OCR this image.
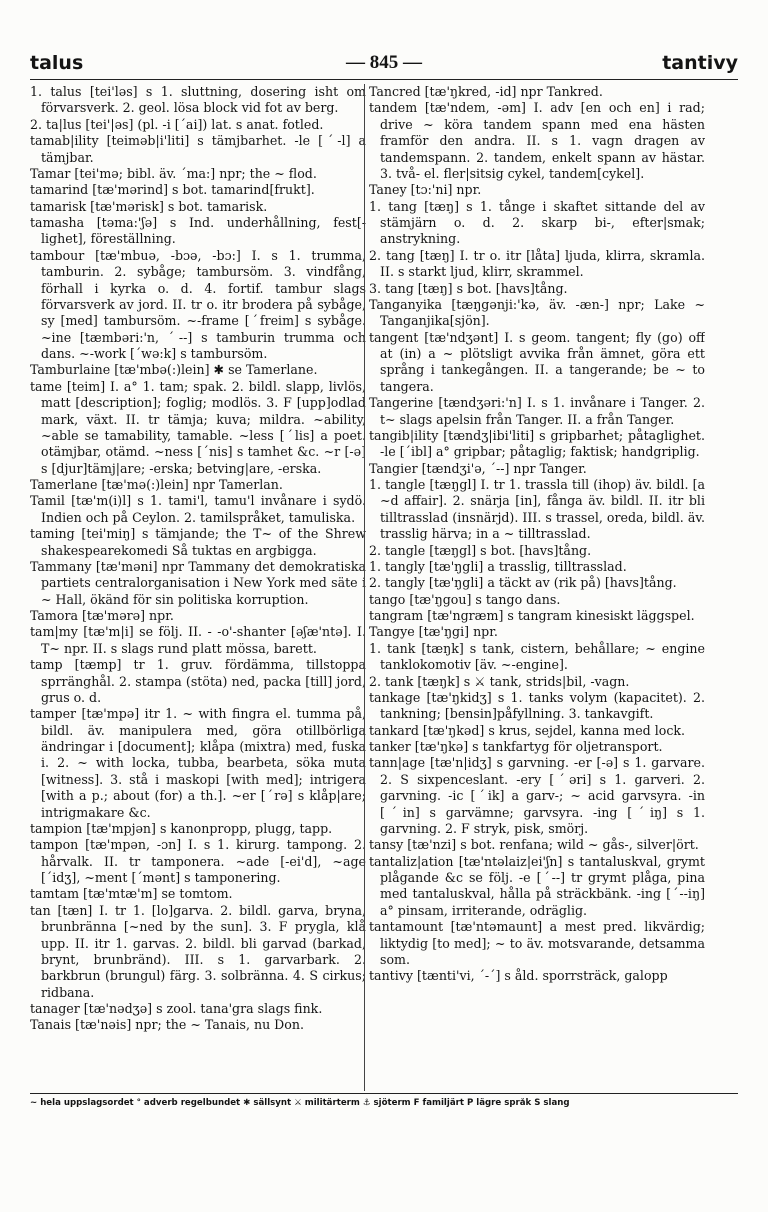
talus	— 845 —	tantivy

1. talus [tei'ləs] s 1. sluttning, dosering isht om förvarsverk. 2. geol. lösa block vid fot av berg.

2. ta|lus [tei'|əs] (pl. -i [ˊai]) lat. s anat. fotled.

tamab|ility [teiməb|i'liti] s tämjbarhet. -le [ˊ-l] a tämjbar.

Tamar [tei'mə; bibl. äv. ˊma:] npr; the ~ flod.

tamarind [tæ'mərind] s bot. tamarind[frukt].

tamarisk [tæ'mərisk] s bot. tamarisk.

tamasha [təma:'ʃə] s Ind. underhållning, fest[-lighet], föreställning.

tambour [tæ'mbuə, -bɔə, -bɔ:] I. s 1. trumma, tamburin. 2. sybåge; tambursöm. 3. vindfång, förhall i kyrka o. d. 4. fortif. tambur slags förvarsverk av jord. II. tr o. itr brodera på sybåge, sy [med] tambursöm. ~-frame [ˊfreim] s sybåge. ~ine [tæmbəri:'n, ˊ--] s tamburin trumma och dans. ~-work [ˊwə:k] s tambursöm.

Tamburlaine [tæ'mbə(:)lein] ✱ se Tamerlane.

tame [teim] I. a° 1. tam; spak. 2. bildl. slapp, livlös, matt [description]; foglig; modlös. 3. F [upp]odlad mark, växt. II. tr tämja; kuva; mildra. ~ability, ~able se tamability, tamable. ~less [ˊlis] a poet. otämjbar, otämd. ~ness [ˊnis] s tamhet &c. ~r [-ə] s [djur]tämj|are; -erska; betving|are, -erska.

Tamerlane [tæ'mə(:)lein] npr Tamerlan.

Tamil [tæ'm(i)l] s 1. tami'l, tamu'l invånare i sydö. Indien och på Ceylon. 2. tamilspråket, tamuliska.

taming [tei'miŋ] s tämjande; the T~ of the Shrew shakespearekomedi Så tuktas en argbigga.

Tammany [tæ'məni] npr Tammany det demokratiska partiets centralorganisation i New York med säte i ~ Hall, ökänd för sin politiska korruption.

Tamora [tæ'mərə] npr.

tam|my [tæ'm|i] se följ. II. - -o'-shanter [əʃæ'ntə]. I. T~ npr. II. s slags rund platt mössa, barett.

tamp [tæmp] tr 1. gruv. fördämma, tillstoppa sprränghål. 2. stampa (stöta) ned, packa [till] jord, grus o. d.

tamper [tæ'mpə] itr 1. ~ with fingra el. tumma på, bildl. äv. manipulera med, göra otillbörliga ändringar i [document]; klåpa (mixtra) med, fuska i. 2. ~ with locka, tubba, bearbeta, söka muta [witness]. 3. stå i maskopi [with med]; intrigera [with a p.; about (for) a th.]. ~er [ˊrə] s klåp|are; intrigmakare &c.

tampion [tæ'mpjən] s kanonpropp, plugg, tapp.

tampon [tæ'mpən, -ɔn] I. s 1. kirurg. tampong. 2. hårvalk. II. tr tamponera. ~ade [-ei'd], ~age [ˊidʒ], ~ment [ˊmənt] s tamponering.

tamtam [tæ'mtæ'm] se tomtom.

tan [tæn] I. tr 1. [lo]garva. 2. bildl. garva, bryna, brunbränna [~ned by the sun]. 3. F prygla, klå upp. II. itr 1. garvas. 2. bildl. bli garvad (barkad, brynt, brunbränd). III. s 1. garvarbark. 2. barkbrun (brungul) färg. 3. solbränna. 4. S cirkus; ridbana.

tanager [tæ'nədʒə] s zool. tana'gra slags fink.

Tanais [tæ'nəis] npr; the ~ Tanais, nu Don.

Tancred [tæ'ŋkred, -id] npr Tankred.

tandem [tæ'ndem, -əm] I. adv [en och en] i rad; drive ~ köra tandem spann med ena hästen framför den andra. II. s 1. vagn dragen av tandemspann. 2. tandem, enkelt spann av hästar. 3. två- el. fler|sitsig cykel, tandem[cykel].

Taney [tɔ:'ni] npr.

1. tang [tæŋ] s 1. tånge i skaftet sittande del av stämjärn o. d. 2. skarp bi-, efter|smak; anstrykning.

2. tang [tæŋ] I. tr o. itr [låta] ljuda, klirra, skramla. II. s starkt ljud, klirr, skrammel.

3. tang [tæŋ] s bot. [havs]tång.

Tanganyika [tæŋgənji:'kə, äv. -æn-] npr; Lake ~ Tanganjika[sjön].

tangent [tæ'ndʒənt] I. s geom. tangent; fly (go) off at (in) a ~ plötsligt avvika från ämnet, göra ett språng i tankegången. II. a tangerande; be ~ to tangera.

Tangerine [tændʒəri:'n] I. s 1. invånare i Tanger. 2. t~ slags apelsin från Tanger. II. a från Tanger.

tangib|ility [tændʒ|ibi'liti] s gripbarhet; påtaglighet. -le [ˊibl] a° gripbar; påtaglig; faktisk; handgriplig.

Tangier [tændʒi'ə, ˊ--] npr Tanger.

1. tangle [tæŋgl] I. tr 1. trassla till (ihop) äv. bildl. [a ~d affair]. 2. snärja [in], fånga äv. bildl. II. itr bli tilltrasslad (insnärjd). III. s trassel, oreda, bildl. äv. trasslig härva; in a ~ tilltrasslad.

2. tangle [tæŋgl] s bot. [havs]tång.

1. tangly [tæ'ŋgli] a trasslig, tilltrasslad.

2. tangly [tæ'ŋgli] a täckt av (rik på) [havs]tång.

tango [tæ'ŋgou] s tango dans.

tangram [tæ'ngræm] s tangram kinesiskt läggspel.

Tangye [tæ'ŋgi] npr.

1. tank [tæŋk] s tank, cistern, behållare; ~ engine tanklokomotiv [äv. ~-engine].

2. tank [tæŋk] s ⚔ tank, strids|bil, -vagn.

tankage [tæ'ŋkidʒ] s 1. tanks volym (kapacitet). 2. tankning; [bensin]påfyllning. 3. tankavgift.

tankard [tæ'ŋkəd] s krus, sejdel, kanna med lock.

tanker [tæ'ŋkə] s tankfartyg för oljetransport.

tann|age [tæ'n|idʒ] s garvning. -er [-ə] s 1. garvare. 2. S sixpenceslant. -ery [ˊəri] s 1. garveri. 2. garvning. -ic [ˊik] a garv-; ~ acid garvsyra. -in [ˊin] s garvämne; garvsyra. -ing [ˊiŋ] s 1. garvning. 2. F stryk, pisk, smörj.

tansy [tæ'nzi] s bot. renfana; wild ~ gås-, silver|ört.

tantaliz|ation [tæ'ntəlaiz|ei'ʃn] s tantaluskval, grymt plågande &c se följ. -e [ˊ--] tr grymt plåga, pina med tantaluskval, hålla på sträckbänk. -ing [ˊ--iŋ] a° pinsam, irriterande, odräglig.

tantamount [tæ'ntəmaunt] a mest pred. likvärdig; liktydig [to med]; ~ to äv. motsvarande, detsamma som.

tantivy [tænti'vi, ˊ-ˊ] s åld. sporrsträck, galopp

~ hela uppslagsordet ° adverb regelbundet ✱ sällsynt ⚔ militärterm ⚓ sjöterm F familjärt P lägre språk S slang
